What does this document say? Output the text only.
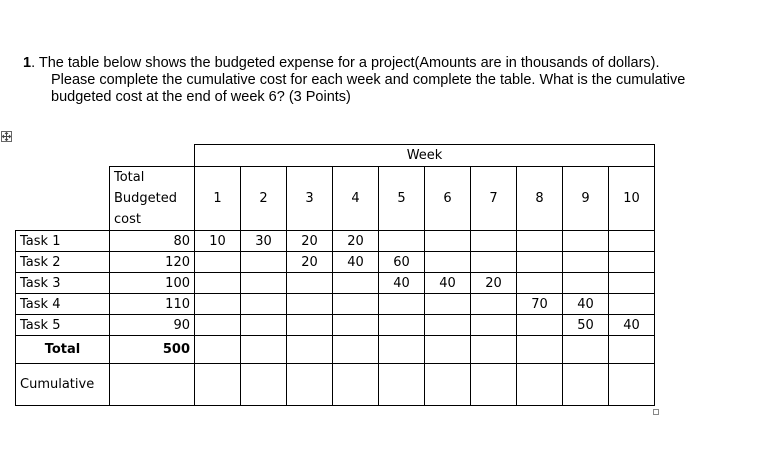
1. The table below shows the budgeted expense for a project(Amounts are in thousands of dollars).
Please complete the cumulative cost for each week and complete the table. What is the cumulative
budgeted cost at the end of week 6? (3 Points)
		Week									

	Total
Budgeted
cost	1	2	3	4	5	6	7	8	9	10
Task 1	80	10	30	20	20						
Task 2	120			20	40	60					
Task 3	100					40	40	20			
Task 4	110								70	40	
Task 5	90									50	40
Total	500										
Cumulative											
